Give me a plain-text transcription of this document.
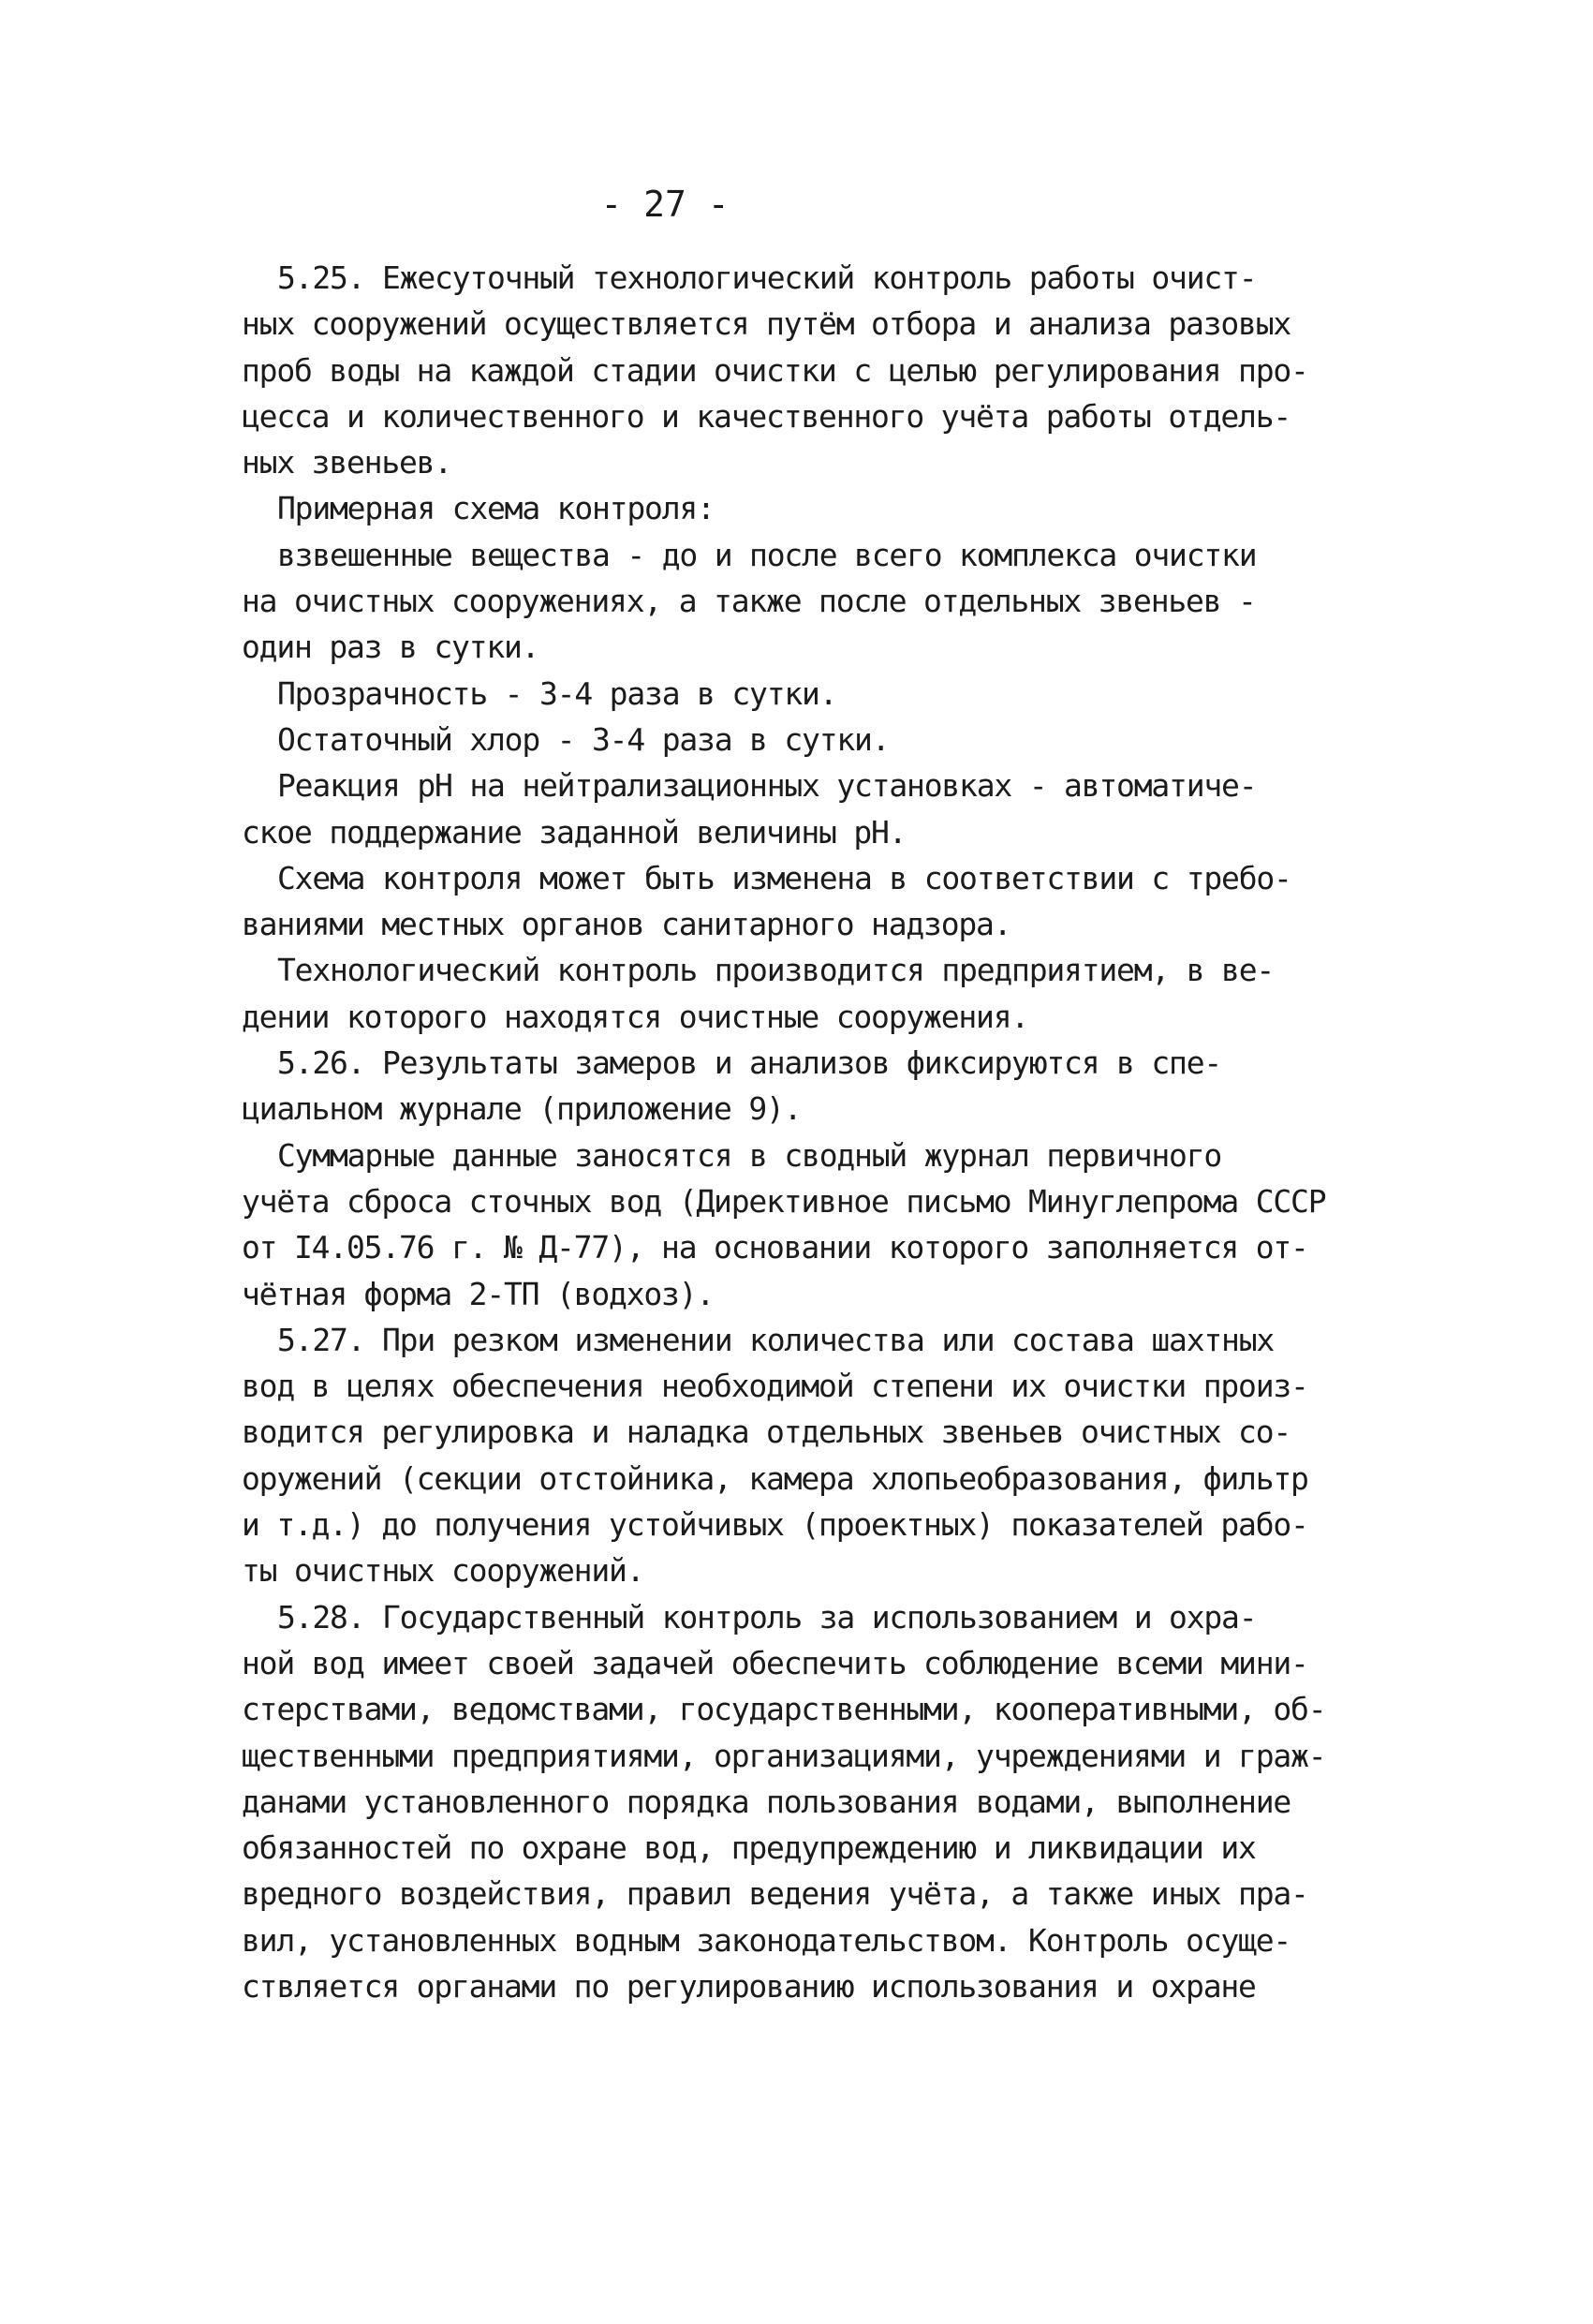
- 27 -
5.25. Ежесуточный технологический контроль работы очист-
ных сооружений осуществляется путём отбора и анализа разовых
проб воды на каждой стадии очистки с целью регулирования про-
цесса и количественного и качественного учёта работы отдель-
ных звеньев.
Примерная схема контроля:
взвешенные вещества - до и после всего комплекса очистки
на очистных сооружениях, а также после отдельных звеньев -
один раз в сутки.
Прозрачность - 3-4 раза в сутки.
Остаточный хлор - 3-4 раза в сутки.
Реакция рН на нейтрализационных установках - автоматиче-
ское поддержание заданной величины рН.
Схема контроля может быть изменена в соответствии с требо-
ваниями местных органов санитарного надзора.
Технологический контроль производится предприятием, в ве-
дении которого находятся очистные сооружения.
5.26. Результаты замеров и анализов фиксируются в спе-
циальном журнале (приложение 9).
Суммарные данные заносятся в сводный журнал первичного
учёта сброса сточных вод (Директивное письмо Минуглепрома СССР
от I4.05.76 г. № Д-77), на основании которого заполняется от-
чётная форма 2-ТП (водхоз).
5.27. При резком изменении количества или состава шахтных
вод в целях обеспечения необходимой степени их очистки произ-
водится регулировка и наладка отдельных звеньев очистных со-
оружений (секции отстойника, камера хлопьеобразования, фильтр
и т.д.) до получения устойчивых (проектных) показателей рабо-
ты очистных сооружений.
5.28. Государственный контроль за использованием и охра-
ной вод имеет своей задачей обеспечить соблюдение всеми мини-
стерствами, ведомствами, государственными, кооперативными, об-
щественными предприятиями, организациями, учреждениями и граж-
данами установленного порядка пользования водами, выполнение
обязанностей по охране вод, предупреждению и ликвидации их
вредного воздействия, правил ведения учёта, а также иных пра-
вил, установленных водным законодательством. Контроль осуще-
ствляется органами по регулированию использования и охране
